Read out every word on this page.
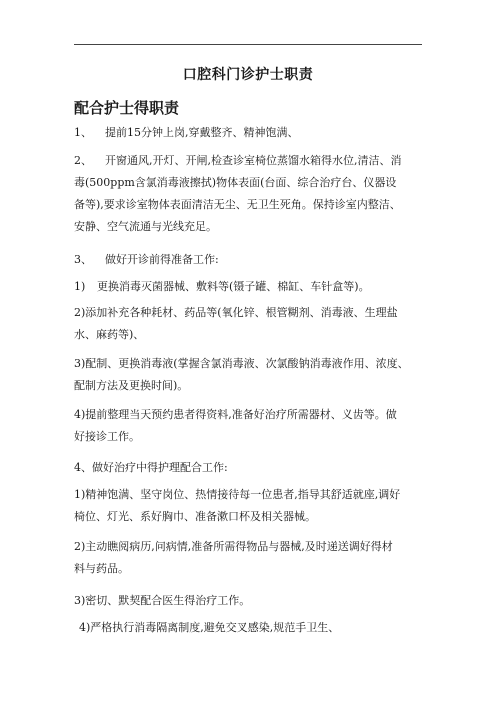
口腔科门诊护士职责
配合护士得职责
1、 提前15分钟上岗,穿戴整齐、精神饱满、
2、 开窗通风,开灯、开闸,检查诊室椅位蒸馏水箱得水位,清洁、消
毒(500ppm含氯消毒液擦拭)物体表面(台面、综合治疗台、仪器设
备等),要求诊室物体表面清洁无尘、无卫生死角。保持诊室内整洁、
安静、空气流通与光线充足。
3、 做好开诊前得准备工作:
1) 更换消毒灭菌器械、敷料等(镊子罐、棉缸、车针盒等)。
2)添加补充各种耗材、药品等(氧化锌、根管糊剂、消毒液、生理盐
水、麻药等)、
3)配制、更换消毒液(掌握含氯消毒液、次氯酸钠消毒液作用、浓度、
配制方法及更换时间)。
4)提前整理当天预约患者得资料,准备好治疗所需器材、义齿等。做
好接诊工作。
4、做好治疗中得护理配合工作:
1)精神饱满、坚守岗位、热情接待每一位患者,指导其舒适就座,调好
椅位、灯光、系好胸巾、准备漱口杯及相关器械。
2)主动瞧阅病历,问病情,准备所需得物品与器械,及时递送调好得材
料与药品。
3)密切、默契配合医生得治疗工作。
4)严格执行消毒隔离制度,避免交叉感染,规范手卫生、
